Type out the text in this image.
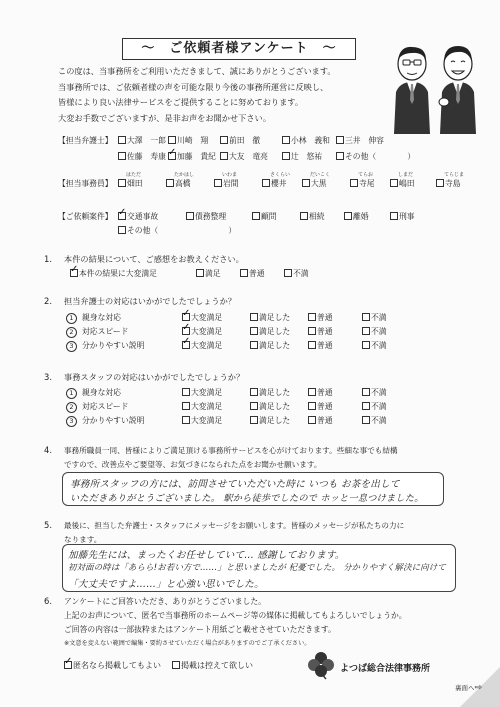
～　ご依頼者様アンケート　～
この度は、当事務所をご利用いただきまして、誠にありがとうございます。
当事務所では、ご依頼者様の声を可能な限り今後の事務所運営に反映し、
皆様により良い法律サービスをご提供することに努めております。
大変お手数でございますが、是非お声をお聞かせ下さい。
【担当弁護士】	大澤　一郎	川崎　翔	前田　徹	小林　義和	三井　伸容
佐藤　寿康 ✓	加藤　貴紀	大友　竜亮	辻　悠祐	その他（　　　　）
【担当事務員】
はただ
畑田
たかはし
高橋
いわま
岩間
さくらい
櫻井
だいこく
大黒
てらお
寺尾
しまだ
嶋田
てらじま
寺島
【ご依頼案件】 ✓	交通事故	債務整理	顧問	相続	離婚	刑事
その他（　　　　　　　　　）
1. 本件の結果について、ご感想をお教えください。
✓本件の結果に大変満足	満足	普通	不満
2. 担当弁護士の対応はいかがでしたでしょうか？
1 親身な対応 ✓	大変満足	満足した	普通	不満
2 対応スピード ✓	大変満足	満足した	普通	不満
3 分かりやすい説明 ✓	大変満足	満足した	普通	不満
3. 事務スタッフの対応はいかがでしたでしょうか？
1 親身な対応	大変満足	満足した	普通	不満
2 対応スピード	大変満足	満足した	普通	不満
3 分かりやすい説明	大変満足	満足した	普通	不満
4. 事務所職員一同、皆様によりご満足頂ける事務所サービスを心がけております。些細な事でも結構
ですので、改善点やご要望等、お気づきになられた点をお聞かせ願います。
事務所スタッフの方には、訪問させていただいた時に いつも お茶を出して
いただきありがとうございました。 駅から徒歩でしたので ホッと一息つけました。
5. 最後に、担当した弁護士・スタッフにメッセージをお願いします。皆様のメッセージが私たちの力に
なります。
加藤先生には、まったくお任せしていて… 感謝しております。
初対面の時は「あらら!お若い方で……」と思いましたが 杞憂でした。 分かりやすく解決に向けて
「大丈夫ですよ……」と心強い思いでした。
6. アンケートにご回答いただき、ありがとうございました。
上記のお声について、匿名で当事務所のホームページ等の媒体に掲載してもよろしいでしょうか。
ご回答の内容は一部抜粋またはアンケート用紙ごと載せさせていただきます。
※文意を変えない範囲で編集・要約させていただく場合がありますのでご了承ください。
✓匿名なら掲載してもよい	掲載は控えて欲しい	よつば総合法律事務所
裏面へ⇨
